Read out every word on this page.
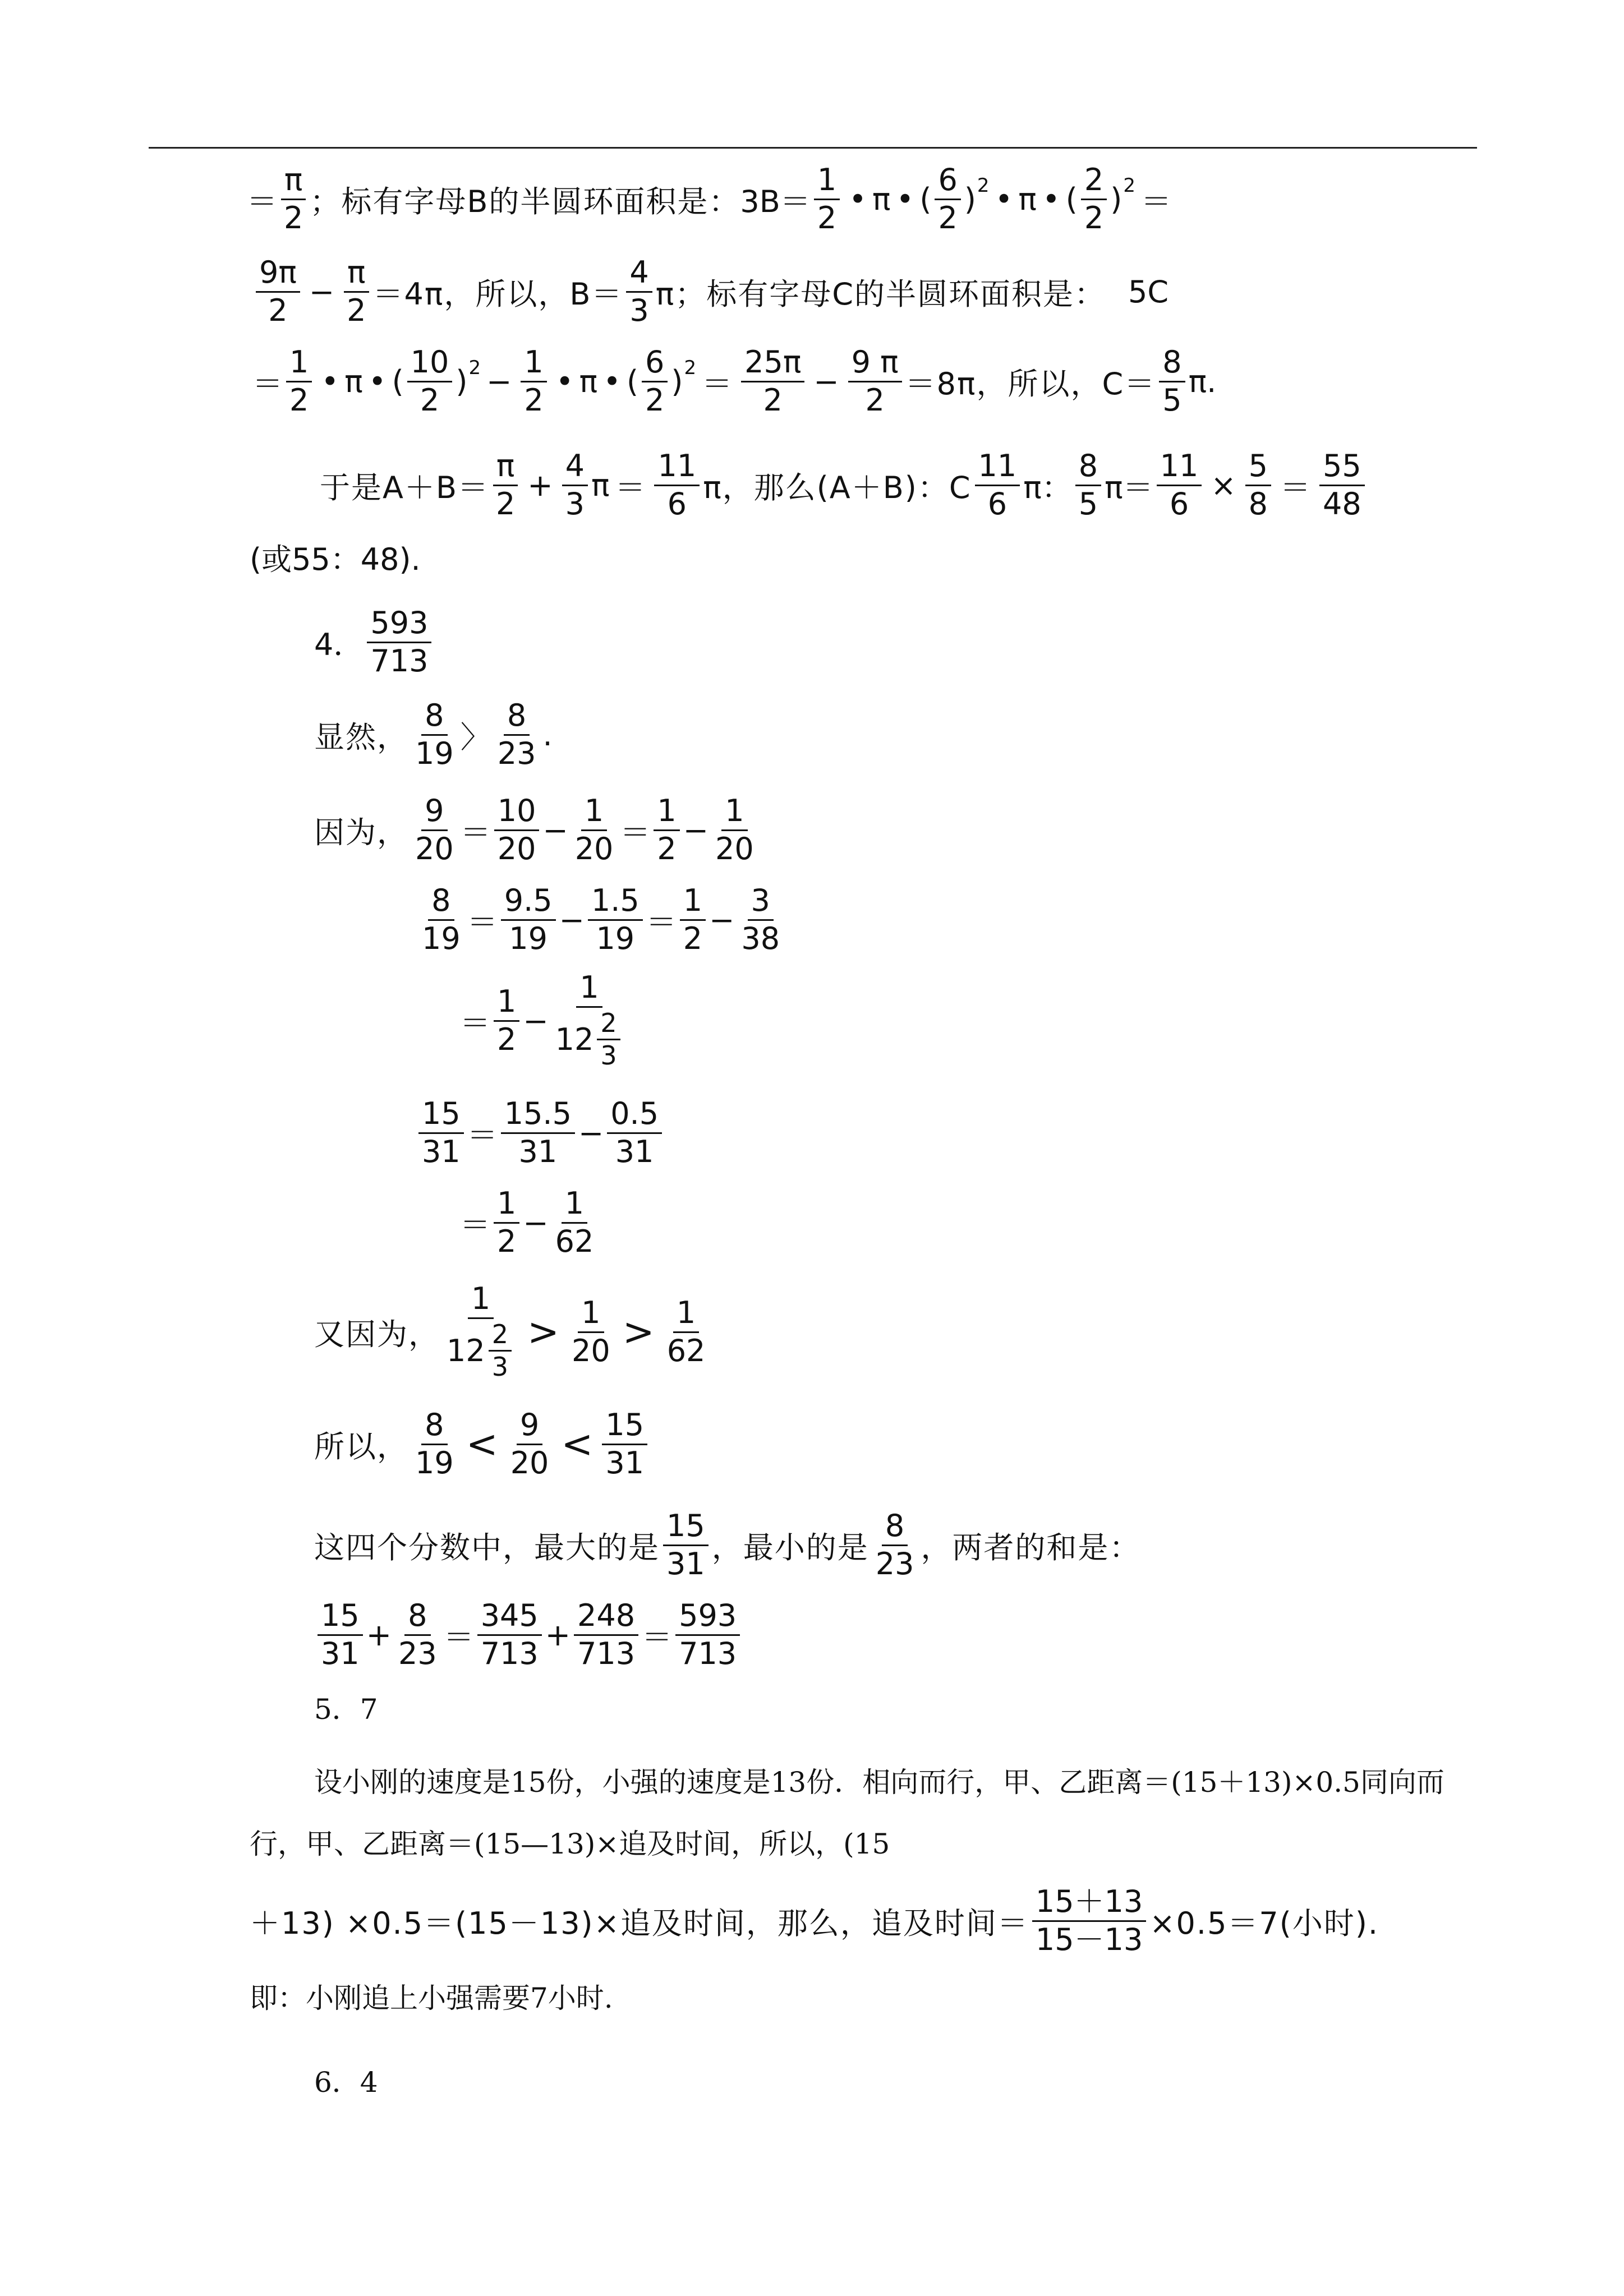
＝ $\frac{\pi}{2}$ ；标有字母B的半圆环面积是： $3B= \frac{1}{2}$ • π • ( $\frac{6}{2}$ ) 2 • π • ( $\frac{2}{2}$ ) 2 ＝
$\frac{9\pi}{2} - \frac{\pi}{2} =4\pi$，所以，$B= \frac{4}{3}$ π；标有字母C的半圆环面积是： 5C
＝ $\frac{1}{2}$ • π • ( $\frac{10}{2}$ ) $2 - \frac{1}{2}$ • π • ( $\frac{6}{2}$ ) $2 = \frac{25\pi}{2} - \frac{9 \pi}{2} =8\pi$，所以，$C= \frac{8}{5} \pi$.
于是$A+B= \frac{\pi}{2} + \frac{4}{3}$ $\pi = \frac{11}{6}$ π，那么(A＋B)：C $\frac{11}{6}$ π： $\frac{8}{5} \pi= \frac{11}{6} \times \frac{5}{8} = \frac{55}{48}$
(或55：48).
4． $\frac{593}{713}$
显然， $\frac{8}{19}$ 〉 $\frac{8}{23}$ .
因为， $\frac{9}{20} = \frac{10}{20} - \frac{1}{20} = \frac{1}{2} - \frac{1}{20}$
$\frac{8}{19} = \frac{9.5}{19} - \frac{1.5}{19} = \frac{1}{2} - \frac{3}{38}$
＝ $\frac{1}{2} - \frac{1}{12 \frac{2}{3}}$
$\frac{15}{31} = \frac{15.5}{31} - \frac{0.5}{31}$
＝ $\frac{1}{2} - \frac{1}{62}$
又因为， $\frac{1}{12 \frac{2}{3}} > \frac{1}{20} > \frac{1}{62}$
所以， $\frac{8}{19} < \frac{9}{20} < \frac{15}{31}$
这四个分数中，最大的是 $\frac{15}{31}$ ，最小的是 $\frac{8}{23}$ ，两者的和是：
$\frac{15}{31} + \frac{8}{23} = \frac{345}{713} + \frac{248}{713} = \frac{593}{713}$
5．7
设小刚的速度是15份，小强的速度是13份．相向而行，甲、乙距离＝(15＋13)×0.5同向而
行，甲、乙距离＝(15—13)×追及时间，所以，(15
＋13) ×0.5＝(15－13)×追及时间，那么，追及时间＝ $\frac{15+13}{15-13} \times 0.5=7$(小时).
即：小刚追上小强需要7小时.
6．4
